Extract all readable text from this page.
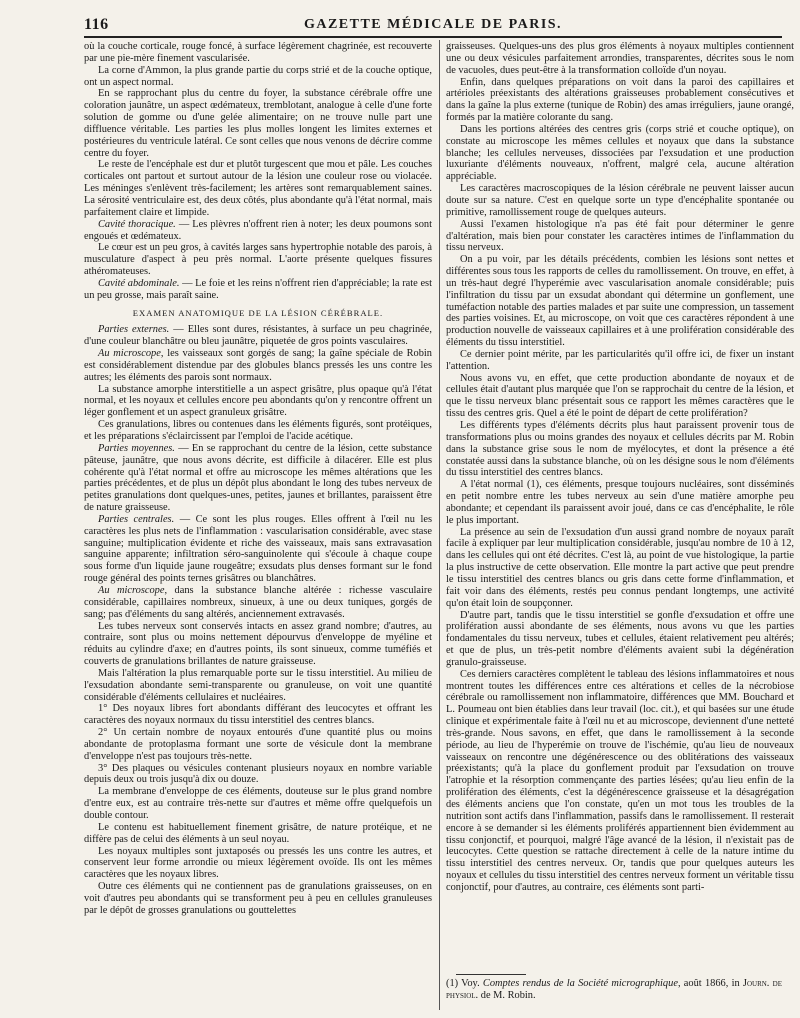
116	GAZETTE MÉDICALE DE PARIS.

où la couche corticale, rouge foncé, à surface légèrement chagrinée, est recouverte par une pie-mère finement vascularisée.

La corne d'Ammon, la plus grande partie du corps strié et de la couche optique, ont un aspect normal.

En se rapprochant plus du centre du foyer, la substance cérébrale offre une coloration jaunâtre, un aspect œdémateux, tremblotant, analogue à celle d'une forte solution de gomme ou d'une gelée alimentaire; on ne trouve nulle part une diffluence véritable. Les parties les plus molles longent les limites externes et postérieures du ventricule latéral. Ce sont celles que nous venons de décrire comme centre du foyer.

Le reste de l'encéphale est dur et plutôt turgescent que mou et pâle. Les couches corticales ont partout et surtout autour de la lésion une couleur rose ou violacée. Les méninges s'enlèvent très-facilement; les artères sont remarquablement saines. La sérosité ventriculaire est, des deux côtés, plus abondante qu'à l'état normal, mais parfaitement claire et limpide.

Cavité thoracique. — Les plèvres n'offrent rien à noter; les deux poumons sont engoués et œdémateux.

Le cœur est un peu gros, à cavités larges sans hypertrophie notable des parois, à musculature d'aspect à peu près normal. L'aorte présente quelques fissures athéromateuses.

Cavité abdominale. — Le foie et les reins n'offrent rien d'appréciable; la rate est un peu grosse, mais paraît saine.

EXAMEN ANATOMIQUE DE LA LÉSION CÉRÉBRALE.

Parties externes. — Elles sont dures, résistantes, à surface un peu chagrinée, d'une couleur blanchâtre ou bleu jaunâtre, piquetée de gros points vasculaires.

Au microscope, les vaisseaux sont gorgés de sang; la gaîne spéciale de Robin est considérablement distendue par des globules blancs pressés les uns contre les autres; les éléments des parois sont normaux.

La substance amorphe interstitielle a un aspect grisâtre, plus opaque qu'à l'état normal, et les noyaux et cellules encore peu abondants qu'on y rencontre offrent un léger gonflement et un aspect granuleux grisâtre.

Ces granulations, libres ou contenues dans les éléments figurés, sont protéiques, et les préparations s'éclaircissent par l'emploi de l'acide acétique.

Parties moyennes. — En se rapprochant du centre de la lésion, cette substance pâteuse, jaunâtre, que nous avons décrite, est difficile à dilacérer. Elle est plus cohérente qu'à l'état normal et offre au microscope les mêmes altérations que les parties précédentes, et de plus un dépôt plus abondant le long des tubes nerveux de petites granulations dont quelques-unes, petites, jaunes et brillantes, paraissent être de nature graisseuse.

Parties centrales. — Ce sont les plus rouges. Elles offrent à l'œil nu les caractères les plus nets de l'inflammation : vascularisation considérable, avec stase sanguine; multiplication évidente et riche des vaisseaux, mais sans extravasation sanguine apparente; infiltration séro-sanguinolente qui s'écoule à chaque coupe sous forme d'un liquide jaune rougeâtre; exsudats plus denses formant sur le fond rouge général des points ternes grisâtres ou blanchâtres.

Au microscope, dans la substance blanche altérée : richesse vasculaire considérable, capillaires nombreux, sinueux, à une ou deux tuniques, gorgés de sang; pas d'éléments du sang altérés, anciennement extravasés.

Les tubes nerveux sont conservés intacts en assez grand nombre; d'autres, au contraire, sont plus ou moins nettement dépourvus d'enveloppe de myéline et réduits au cylindre d'axe; en d'autres points, ils sont sinueux, comme tuméfiés et couverts de granulations brillantes de nature graisseuse.

Mais l'altération la plus remarquable porte sur le tissu interstitiel. Au milieu de l'exsudation abondante semi-transparente ou granuleuse, on voit une quantité considérable d'éléments cellulaires et nucléaires.

1° Des noyaux libres fort abondants différant des leucocytes et offrant les caractères des noyaux normaux du tissu interstitiel des centres blancs.

2° Un certain nombre de noyaux entourés d'une quantité plus ou moins abondante de protoplasma formant une sorte de vésicule dont la membrane d'enveloppe n'est pas toujours très-nette.

3° Des plaques ou vésicules contenant plusieurs noyaux en nombre variable depuis deux ou trois jusqu'à dix ou douze.

La membrane d'enveloppe de ces éléments, douteuse sur le plus grand nombre d'entre eux, est au contraire très-nette sur d'autres et même offre quelquefois un double contour.

Le contenu est habituellement finement grisâtre, de nature protéique, et ne diffère pas de celui des éléments à un seul noyau.

Les noyaux multiples sont juxtaposés ou pressés les uns contre les autres, et conservent leur forme arrondie ou mieux légèrement ovoïde. Ils ont les mêmes caractères que les noyaux libres.

Outre ces éléments qui ne contiennent pas de granulations graisseuses, on en voit d'autres peu abondants qui se transforment peu à peu en cellules granuleuses par le dépôt de grosses granulations ou gouttelettes

graisseuses. Quelques-uns des plus gros éléments à noyaux multiples contiennent une ou deux vésicules parfaitement arrondies, transparentes, décrites sous le nom de vacuoles, dues peut-être à la transformation colloïde d'un noyau.

Enfin, dans quelques préparations on voit dans la paroi des capillaires et artérioles préexistants des altérations graisseuses probablement consécutives et dans la gaîne la plus externe (tunique de Robin) des amas irréguliers, jaune orangé, formés par la matière colorante du sang.

Dans les portions altérées des centres gris (corps strié et couche optique), on constate au microscope les mêmes cellules et noyaux que dans la substance blanche; les cellules nerveuses, dissociées par l'exsudation et une production luxuriante d'éléments nouveaux, n'offrent, malgré cela, aucune altération appréciable.

Les caractères macroscopiques de la lésion cérébrale ne peuvent laisser aucun doute sur sa nature. C'est en quelque sorte un type d'encéphalite spontanée ou primitive, ramollissement rouge de quelques auteurs.

Aussi l'examen histologique n'a pas été fait pour déterminer le genre d'altération, mais bien pour constater les caractères intimes de l'inflammation du tissu nerveux.

On a pu voir, par les détails précédents, combien les lésions sont nettes et différentes sous tous les rapports de celles du ramollissement. On trouve, en effet, à un très-haut degré l'hyperémie avec vascularisation anomale considérable; puis l'infiltration du tissu par un exsudat abondant qui détermine un gonflement, une tuméfaction notable des parties malades et par suite une compression, un tassement des parties voisines. Et, au microscope, on voit que ces caractères répondent à une production nouvelle de vaisseaux capillaires et à une prolifération considérable des éléments du tissu interstitiel.

Ce dernier point mérite, par les particularités qu'il offre ici, de fixer un instant l'attention.

Nous avons vu, en effet, que cette production abondante de noyaux et de cellules était d'autant plus marquée que l'on se rapprochait du centre de la lésion, et que le tissu nerveux blanc présentait sous ce rapport les mêmes caractères que le tissu des centres gris. Quel a été le point de départ de cette prolifération?

Les différents types d'éléments décrits plus haut paraissent provenir tous de transformations plus ou moins grandes des noyaux et cellules décrits par M. Robin dans la substance grise sous le nom de myélocytes, et dont la présence a été constatée aussi dans la substance blanche, où on les désigne sous le nom d'éléments du tissu interstitiel des centres blancs.

A l'état normal (1), ces éléments, presque toujours nucléaires, sont disséminés en petit nombre entre les tubes nerveux au sein d'une matière amorphe peu abondante; et cependant ils paraissent avoir joué, dans ce cas d'encéphalite, le rôle le plus important.

La présence au sein de l'exsudation d'un aussi grand nombre de noyaux paraît facile à expliquer par leur multiplication considérable, jusqu'au nombre de 10 à 12, dans les cellules qui ont été décrites. C'est là, au point de vue histologique, la partie la plus instructive de cette observation. Elle montre la part active que peut prendre le tissu interstitiel des centres blancs ou gris dans cette forme d'inflammation, et fait voir dans des éléments, restés peu connus pendant longtemps, une activité qu'on était loin de soupçonner.

D'autre part, tandis que le tissu interstitiel se gonfle d'exsudation et offre une prolifération aussi abondante de ses éléments, nous avons vu que les parties fondamentales du tissu nerveux, tubes et cellules, étaient relativement peu altérés; et que de plus, un très-petit nombre d'éléments avaient subi la dégénération granulo-graisseuse.

Ces derniers caractères complètent le tableau des lésions inflammatoires et nous montrent toutes les différences entre ces altérations et celles de la nécrobiose cérébrale ou ramollissement non inflammatoire, différences que MM. Bouchard et L. Poumeau ont bien établies dans leur travail (loc. cit.), et qui basées sur une étude clinique et expérimentale faite à l'œil nu et au microscope, deviennent d'une netteté très-grande. Nous savons, en effet, que dans le ramollissement à la seconde période, au lieu de l'hyperémie on trouve de l'ischémie, qu'au lieu de nouveaux vaisseaux on rencontre une dégénérescence ou des oblitérations des vaisseaux préexistants; qu'à la place du gonflement produit par l'exsudation on trouve l'atrophie et la résorption commençante des parties lésées; qu'au lieu enfin de la prolifération des éléments, c'est la dégénérescence graisseuse et la désagrégation des éléments anciens que l'on constate, qu'en un mot tous les troubles de la nutrition sont actifs dans l'inflammation, passifs dans le ramollissement. Il resterait encore à se demander si les éléments proliférés appartiennent bien évidemment au tissu conjonctif, et pourquoi, malgré l'âge avancé de la lésion, il n'existait pas de leucocytes. Cette question se rattache directement à celle de la nature intime du tissu interstitiel des centres nerveux. Or, tandis que pour quelques auteurs les noyaux et cellules du tissu interstitiel des centres nerveux forment un véritable tissu conjonctif, pour d'autres, au contraire, ces éléments sont parti-

(1) Voy. Comptes rendus de la Société micrographique, août 1866, in Journ. de physiol. de M. Robin.
